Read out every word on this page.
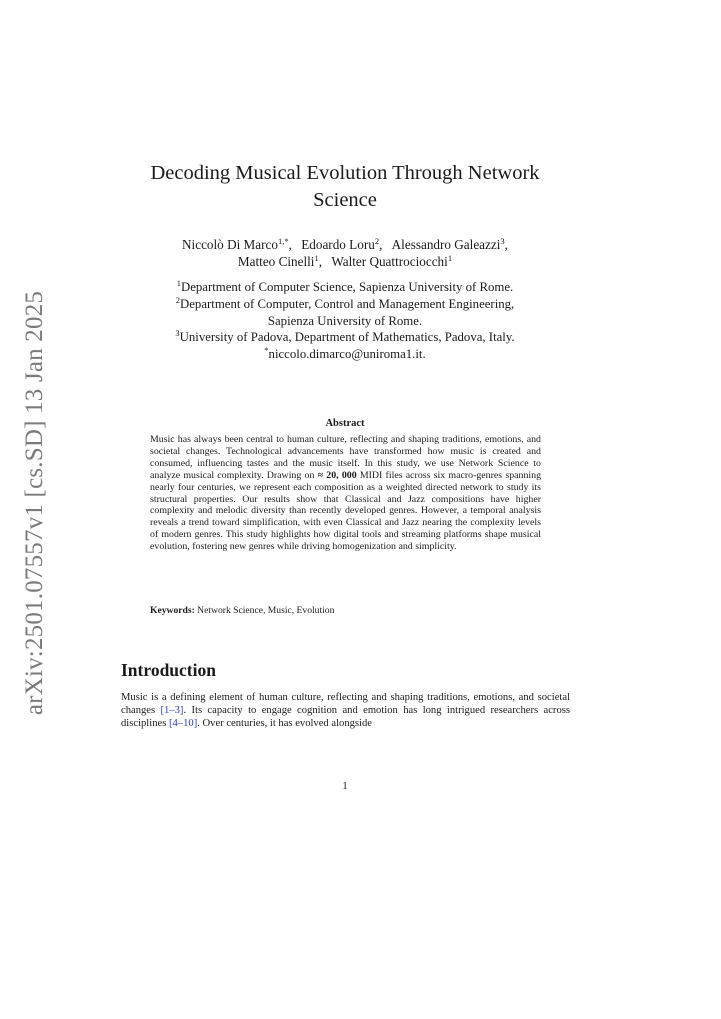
arXiv:2501.07557v1 [cs.SD] 13 Jan 2025
Decoding Musical Evolution Through Network Science
Niccolò Di Marco$^{1,*}$, Edoardo Loru$^2$, Alessandro Galeazzi$^3$,
Matteo Cinelli$^1$, Walter Quattrociocchi$^1$
$^1$Department of Computer Science, Sapienza University of Rome.
$^2$Department of Computer, Control and Management Engineering,
Sapienza University of Rome.
$^3$University of Padova, Department of Mathematics, Padova, Italy.
*niccolo.dimarco@uniroma1.it.
Abstract
Music has always been central to human culture, reflecting and shaping traditions, emotions, and societal changes. Technological advancements have transformed how music is created and consumed, influencing tastes and the music itself. In this study, we use Network Science to analyze musical complexity. Drawing on ≈ 20, 000 MIDI files across six macro-genres spanning nearly four centuries, we represent each composition as a weighted directed network to study its structural properties. Our results show that Classical and Jazz compositions have higher complexity and melodic diversity than recently developed genres. However, a temporal analysis reveals a trend toward simplification, with even Classical and Jazz nearing the complexity levels of modern genres. This study highlights how digital tools and streaming platforms shape musical evolution, fostering new genres while driving homogenization and simplicity.
Keywords: Network Science, Music, Evolution
Introduction
Music is a defining element of human culture, reflecting and shaping traditions, emotions, and societal changes [1–3]. Its capacity to engage cognition and emotion has long intrigued researchers across disciplines [4–10]. Over centuries, it has evolved alongside
1
